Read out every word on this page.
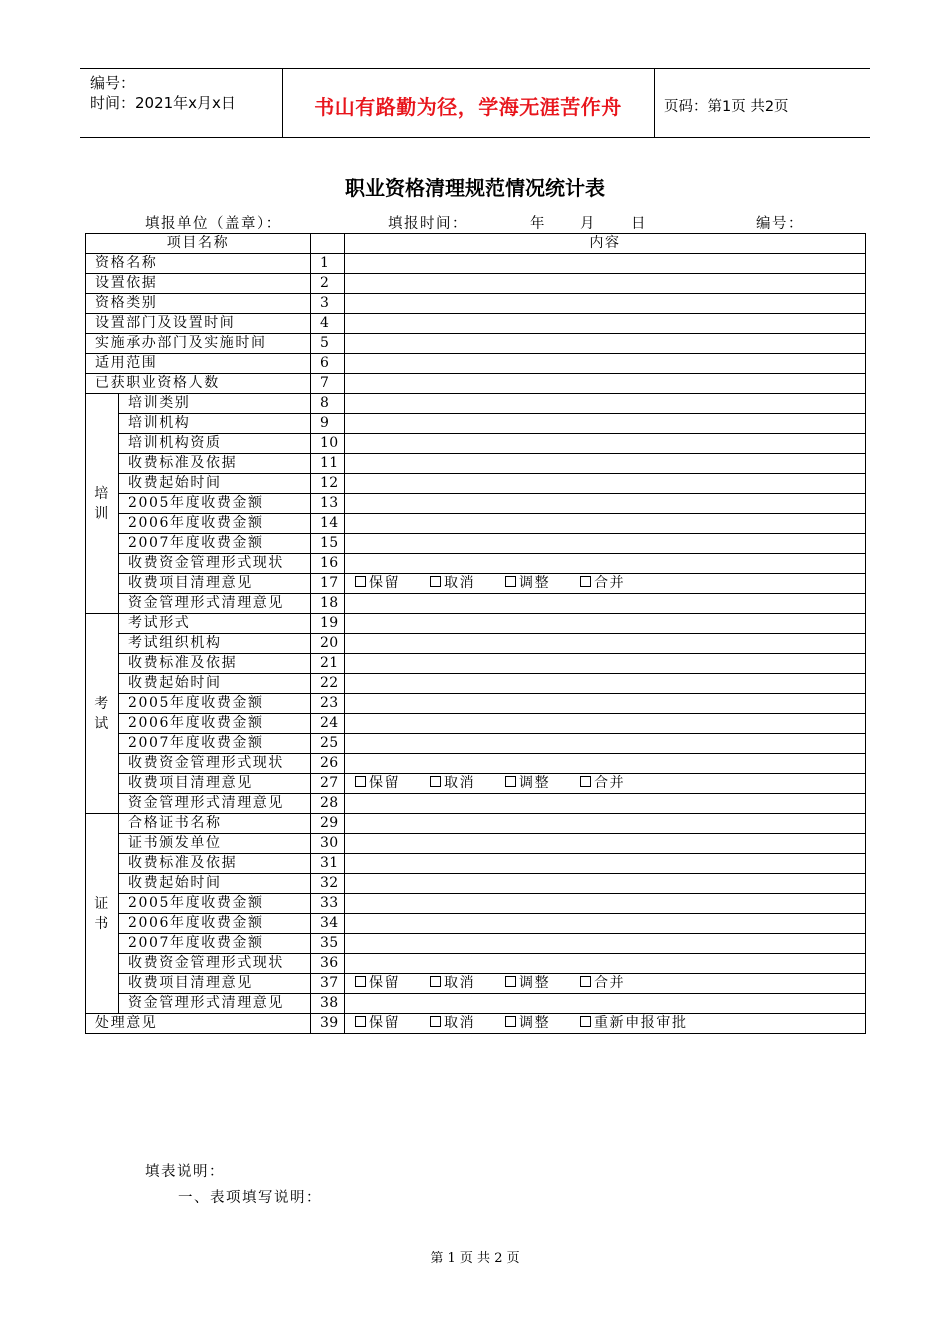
编号：
时间：2021年x月x日	书山有路勤为径，学海无涯苦作舟	页码：第1页 共2页
职业资格清理规范情况统计表
填报单位（盖章）：	填报时间：	年 月 日	编号：
项目名称			内容
资格名称		1	
设置依据		2	
资格类别		3	
设置部门及设置时间		4	
实施承办部门及实施时间		5	
适用范围		6	
已获职业资格人数		7	
培训	培训类别	8	
	培训机构	9	
	培训机构资质	10	
	收费标准及依据	11	
	收费起始时间	12	
	2005年度收费金额	13	
	2006年度收费金额	14	
	2007年度收费金额	15	
	收费资金管理形式现状	16	
	收费项目清理意见	17	保留 取消 调整 合并
	资金管理形式清理意见	18	
考试	考试形式	19	
	考试组织机构	20	
	收费标准及依据	21	
	收费起始时间	22	
	2005年度收费金额	23	
	2006年度收费金额	24	
	2007年度收费金额	25	
	收费资金管理形式现状	26	
	收费项目清理意见	27	保留 取消 调整 合并
	资金管理形式清理意见	28	
证书	合格证书名称	29	
	证书颁发单位	30	
	收费标准及依据	31	
	收费起始时间	32	
	2005年度收费金额	33	
	2006年度收费金额	34	
	2007年度收费金额	35	
	收费资金管理形式现状	36	
	收费项目清理意见	37	保留 取消 调整 合并
	资金管理形式清理意见	38	
处理意见		39	保留 取消 调整 重新申报审批
填表说明：
一、表项填写说明：
第 1 页 共 2 页
